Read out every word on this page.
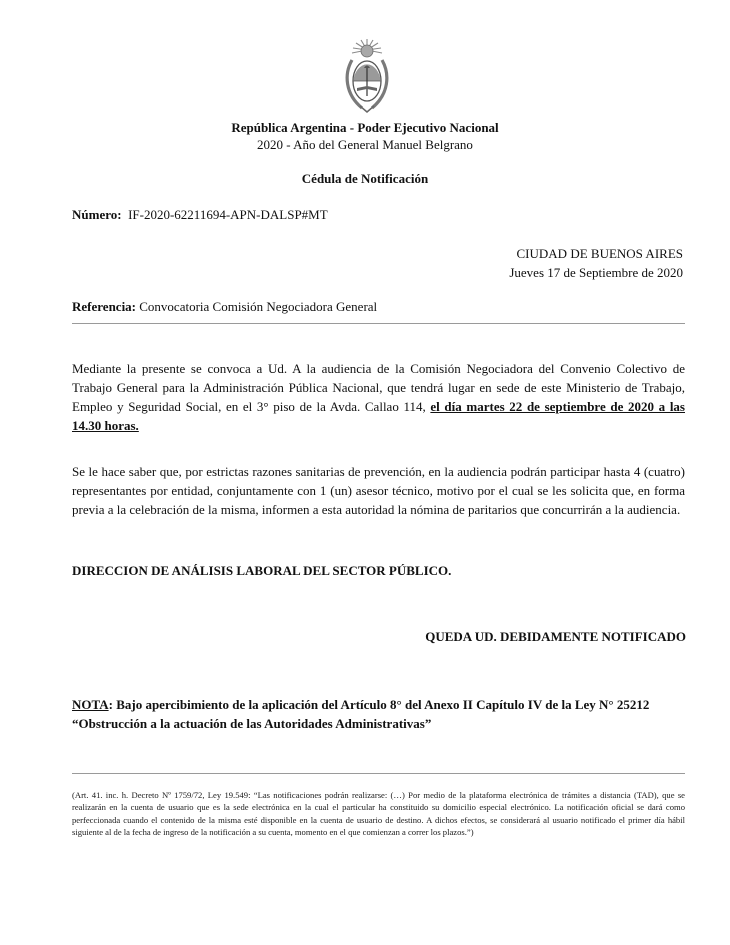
República Argentina - Poder Ejecutivo Nacional
2020 - Año del General Manuel Belgrano
Cédula de Notificación
Número: IF-2020-62211694-APN-DALSP#MT
CIUDAD DE BUENOS AIRES
Jueves 17 de Septiembre de 2020
Referencia: Convocatoria Comisión Negociadora General
Mediante la presente se convoca a Ud. A la audiencia de la Comisión Negociadora del Convenio Colectivo de Trabajo General para la Administración Pública Nacional, que tendrá lugar en sede de este Ministerio de Trabajo, Empleo y Seguridad Social, en el 3° piso de la Avda. Callao 114, el día martes 22 de septiembre de 2020 a las 14.30 horas.
Se le hace saber que, por estrictas razones sanitarias de prevención, en la audiencia podrán participar hasta 4 (cuatro) representantes por entidad, conjuntamente con 1 (un) asesor técnico, motivo por el cual se les solicita que, en forma previa a la celebración de la misma, informen a esta autoridad la nómina de paritarios que concurrirán a la audiencia.
DIRECCION DE ANÁLISIS LABORAL DEL SECTOR PÚBLICO.
QUEDA UD. DEBIDAMENTE NOTIFICADO
NOTA: Bajo apercibimiento de la aplicación del Artículo 8° del Anexo II Capítulo IV de la Ley N° 25212 “Obstrucción a la actuación de las Autoridades Administrativas”
(Art. 41. inc. h. Decreto Nº 1759/72, Ley 19.549: “Las notificaciones podrán realizarse: (…) Por medio de la plataforma electrónica de trámites a distancia (TAD), que se realizarán en la cuenta de usuario que es la sede electrónica en la cual el particular ha constituido su domicilio especial electrónico. La notificación oficial se dará como perfeccionada cuando el contenido de la misma esté disponible en la cuenta de usuario de destino. A dichos efectos, se considerará al usuario notificado el primer día hábil siguiente al de la fecha de ingreso de la notificación a su cuenta, momento en el que comienzan a correr los plazos.”)
